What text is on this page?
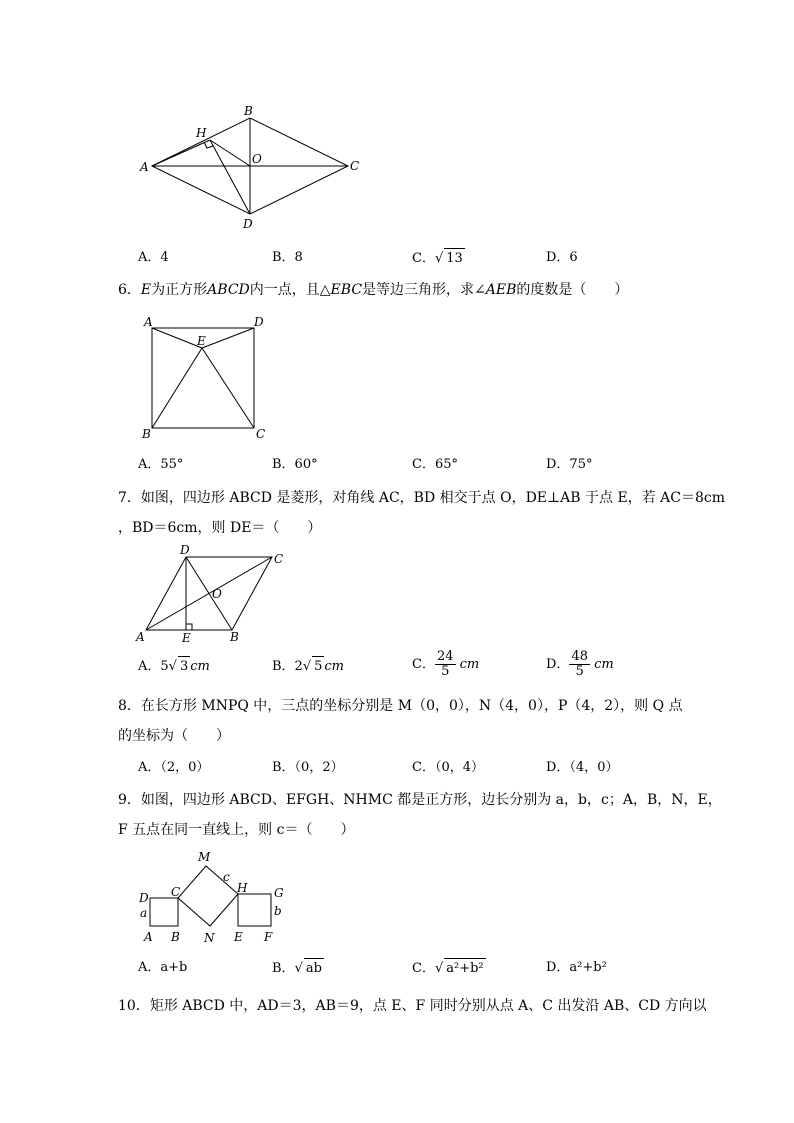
A
B
C
D
H
O
A．4	B．8	C．√ 13	D．6
6．E为正方形ABCD内一点，且△EBC是等边三角形，求∠AEB的度数是（　　）
A	D
E
B	C
A．55°	B．60°	C．65°	D．75°
7．如图，四边形 ABCD 是菱形，对角线 AC，BD 相交于点 O，DE⊥AB 于点 E，若 AC＝8cm
，BD＝6cm，则 DE＝（　　）
D
C
O
A	E	B
A．5√ 3 cm	B．2√ 5 cm	C． $\frac{24}{5}$ cm	D． $\frac{48}{5}$ cm
8．在长方形 MNPQ 中，三点的坐标分别是 M（0，0），N（4，0），P（4，2），则 Q 点
的坐标为（　　）
A．（2，0）	B．（0，2）	C．（0，4）	D．（4，0）
9．如图，四边形 ABCD、EFGH、NHMC 都是正方形，边长分别为 a，b，c；A，B，N，E，
F 五点在同一直线上，则 c＝（　　）
M
c
D C	H G
a	b
A B N E F
A．a+b	B．√ ab	C．√ a²+b²	D．a²+b²
10．矩形 ABCD 中，AD＝3，AB＝9，点 E、F 同时分别从点 A、C 出发沿 AB、CD 方向以
